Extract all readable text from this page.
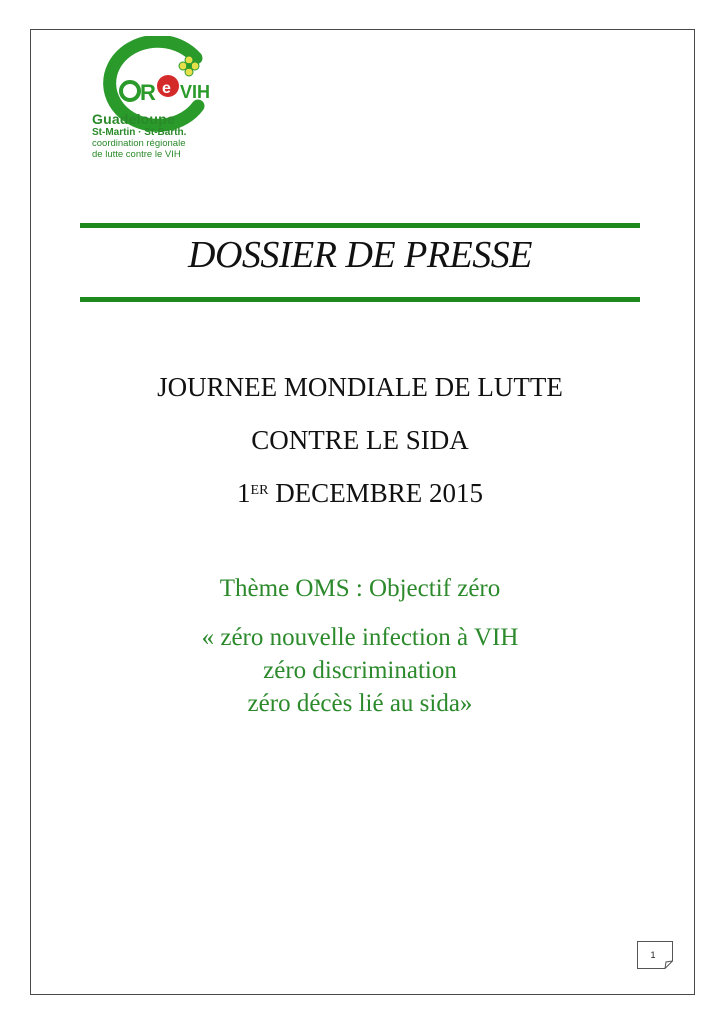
R e VIH
Guadeloupe
St-Martin · St-Barth.
coordination régionale
de lutte contre le VIH
DOSSIER DE PRESSE
JOURNEE MONDIALE DE LUTTE
CONTRE LE SIDA
1ER DECEMBRE 2015
Thème OMS : Objectif zéro
« zéro nouvelle infection à VIH
zéro discrimination
zéro décès lié au sida»
1
